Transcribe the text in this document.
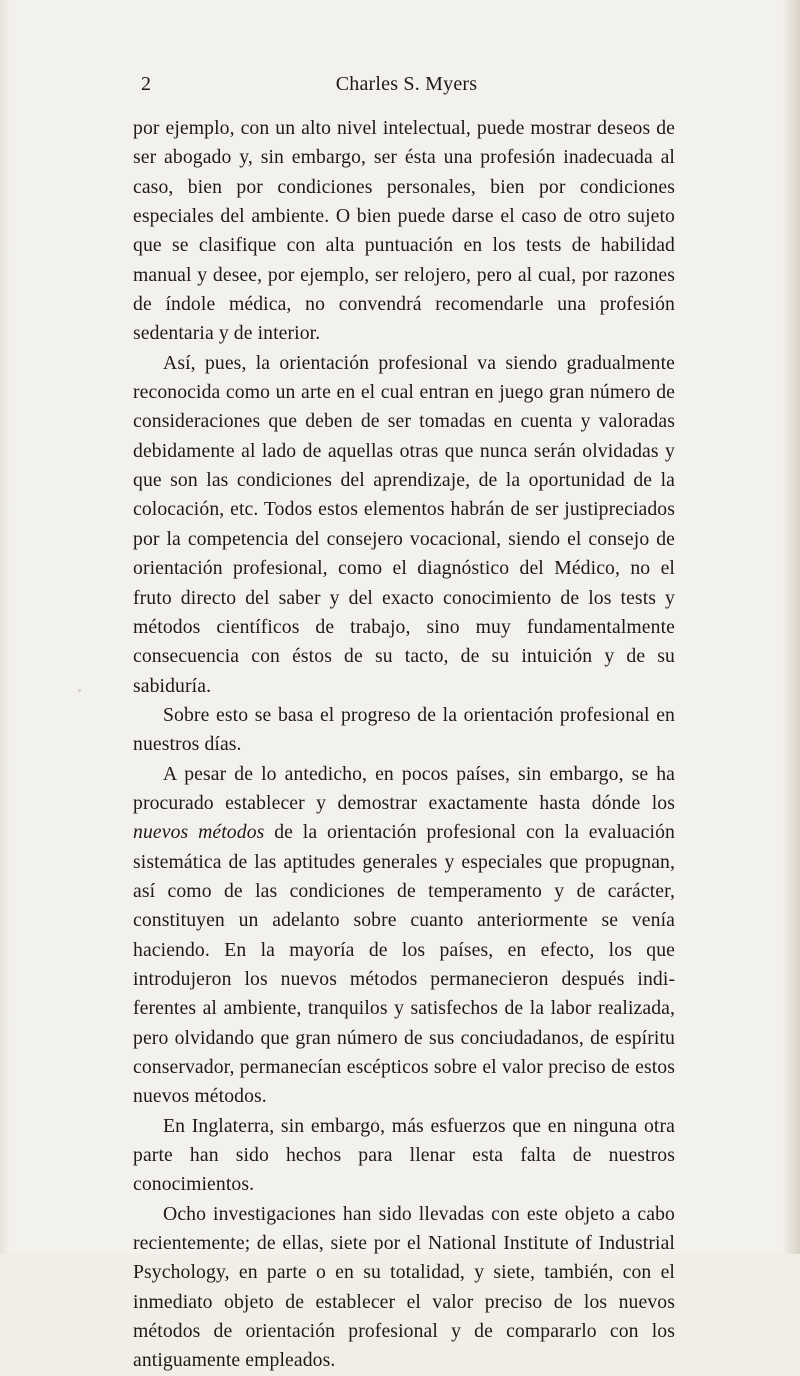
2	Charles S. Myers

por ejemplo, con un alto nivel intelectual, puede mostrar deseos de ser abogado y, sin embargo, ser ésta una profesión inadecuada al caso, bien por condiciones personales, bien por condiciones especiales del ambiente. O bien puede darse el caso de otro sujeto que se clasifique con alta puntuación en los tests de habilidad manual y desee, por ejemplo, ser relojero, pero al cual, por razones de índole médica, no convendrá recomendarle una profesión sedentaria y de interior.

Así, pues, la orientación profesional va siendo gradualmente reconocida como un arte en el cual entran en juego gran número de consideraciones que deben de ser tomadas en cuenta y valoradas debidamente al lado de aquellas otras que nunca serán olvidadas y que son las condiciones del aprendizaje, de la oportunidad de la colocación, etc. Todos estos elementos habrán de ser justipreciados por la competencia del consejero vocacional, siendo el consejo de orientación profesional, como el diagnóstico del Médico, no el fruto directo del saber y del exacto conocimiento de los tests y métodos científicos de trabajo, sino muy fundamentalmente consecuencia con éstos de su tacto, de su intuición y de su sabiduría.

Sobre esto se basa el progreso de la orientación profesional en nuestros días.

A pesar de lo antedicho, en pocos países, sin embargo, se ha procurado establecer y demostrar exactamente hasta dónde los nuevos métodos de la orientación profesional con la evaluación sistemática de las aptitudes generales y especiales que propugnan, así como de las condiciones de temperamento y de carácter, constituyen un adelanto sobre cuanto anteriormente se venía haciendo. En la mayoría de los países, en efecto, los que introdujeron los nuevos métodos permanecieron después indiferentes al ambiente, tranquilos y satisfechos de la labor realizada, pero olvidando que gran número de sus conciudadanos, de espíritu conservador, permanecían escépticos sobre el valor preciso de estos nuevos métodos.

En Inglaterra, sin embargo, más esfuerzos que en ninguna otra parte han sido hechos para llenar esta falta de nuestros conocimientos.

Ocho investigaciones han sido llevadas con este objeto a cabo recientemente; de ellas, siete por el National Institute of Industrial Psychology, en parte o en su totalidad, y siete, también, con el inmediato objeto de establecer el valor preciso de los nuevos métodos de orientación profesional y de compararlo con los antiguamente empleados.
